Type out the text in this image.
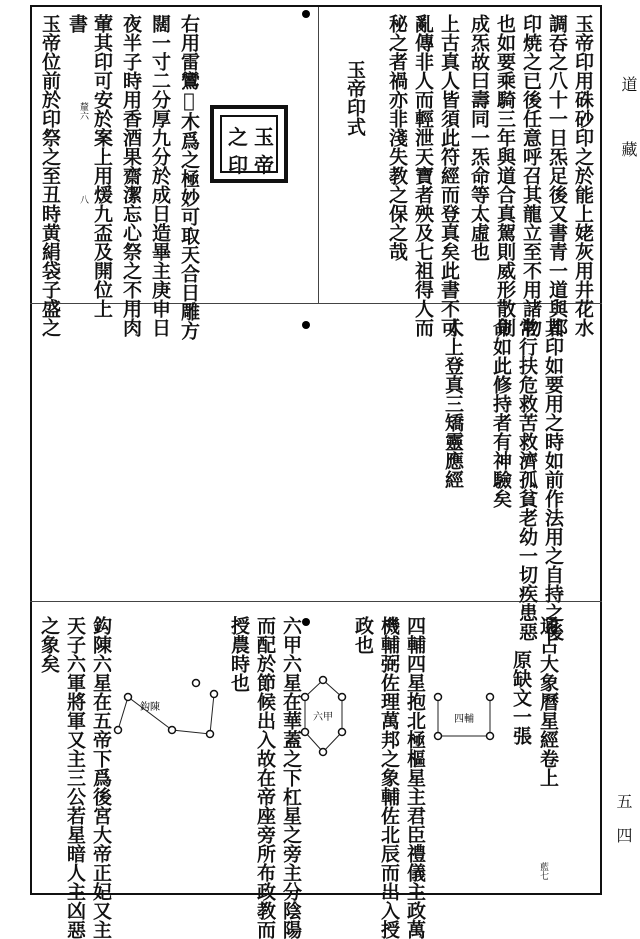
道
藏
五
四
玉帝印用硃砂印之於能上姥灰用井花水
調吞之八十一日炁足後又書青一道與都
印焼之已後任意呼召其龍立至不用諸物
也如要乘騎三年與道合真駕則威形散則
成炁故曰壽同一炁命等太虛也
上古真人皆須此符經而登真矣此書不可
亂傳非人而輕泄天寶者殃及七祖得人而
秘之者禍亦非淺失教之保之哉
玉帝印式
右用雷鸞𤎺木爲之極妙可取天合日雕方
闊一寸二分厚九分於成日造畢主庚申日
夜半子時用香酒果齋潔忘心祭之不用肉
葷其印可安於案上用煖九盃及開位上
書
玉帝位前於印祭之至丑時黄絹袋子盛之 釐六
八
玉
帝
之
印
其印如要用之時如前作法用之自持之後
常行扶危救苦救濟孤貧老幼一切疾患惡
命如此修持者有神驗矣
太上登真三矯靈應經
通占大象曆星經卷上
原缺文一張
藍七
四輔四星抱北極樞星主君臣禮儀主政萬
機輔弼佐理萬邦之象輔佐北辰而出入授
政也
六甲六星在華蓋之下杠星之旁主分陰陽
而配於節候出入故在帝座旁所布政教而
授農時也
鈎陳六星在五帝下爲後宮大帝正妃又主
天子六軍將軍又主三公若星暗人主凶惡
之象矣
四輔
六甲
鈎陳
